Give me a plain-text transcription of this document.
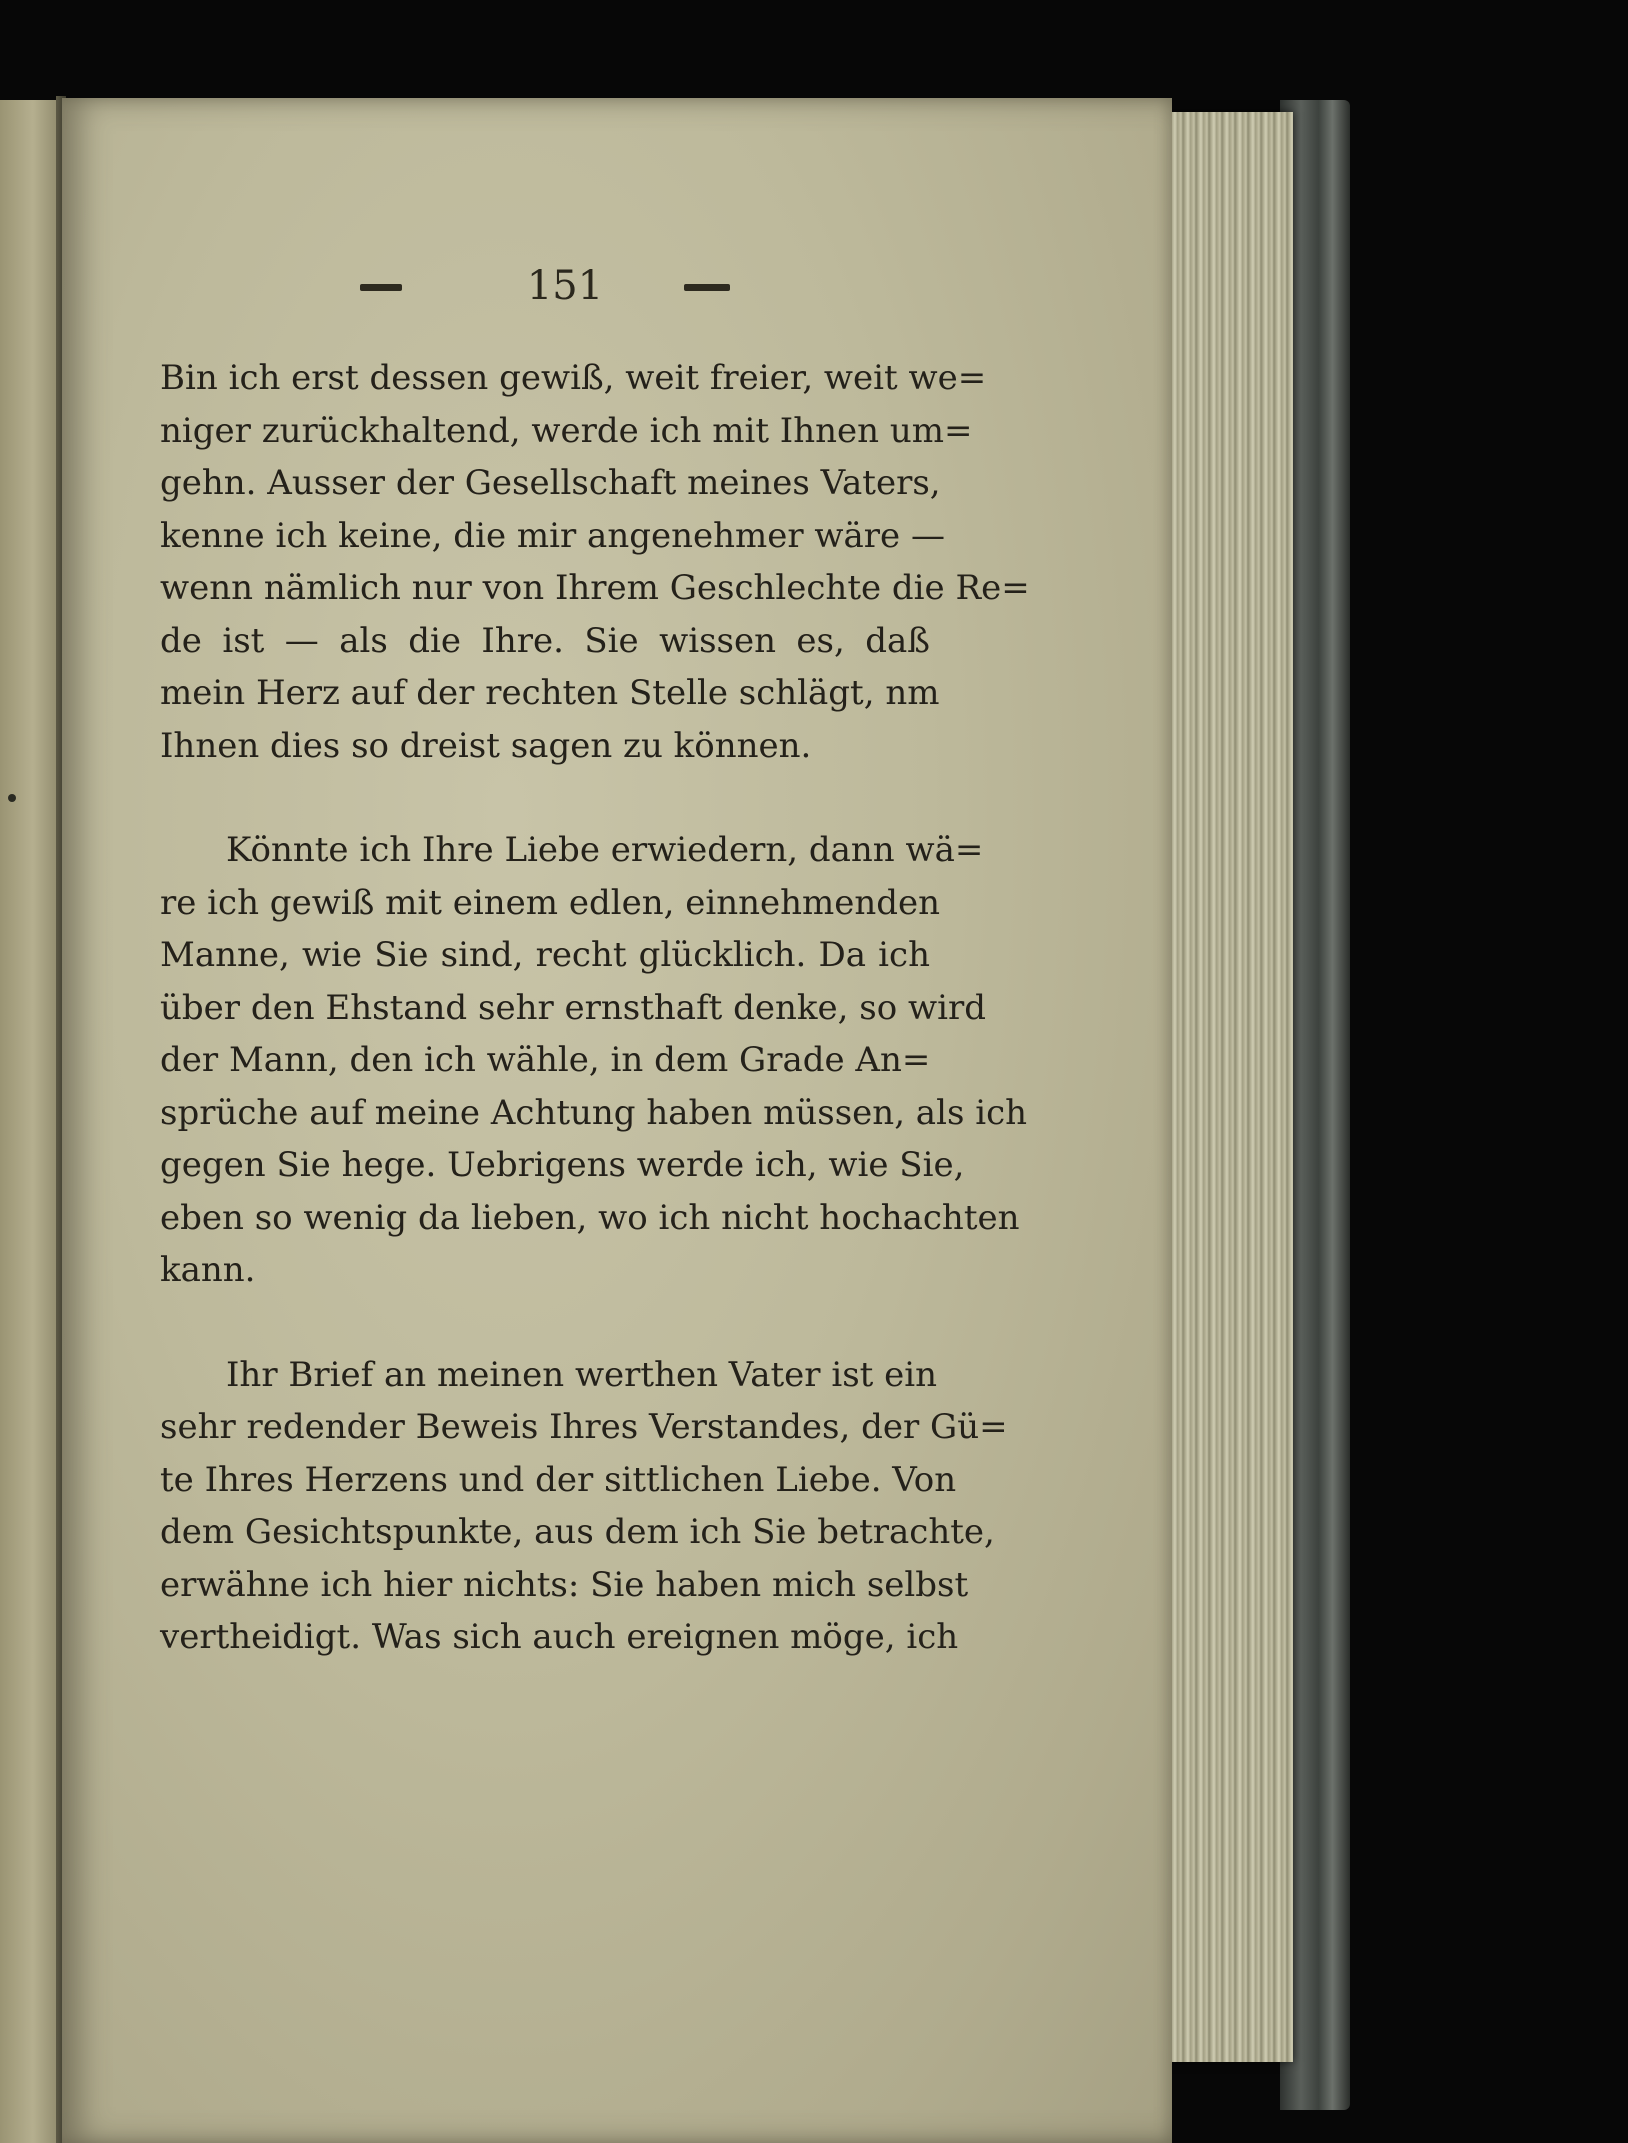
151
Bin ich erst dessen gewiß, weit freier, weit we=
niger zurückhaltend, werde ich mit Ihnen um=
gehn. Ausser der Gesellschaft meines Vaters,
kenne ich keine, die mir angenehmer wäre —
wenn nämlich nur von Ihrem Geschlechte die Re=
de ist — als die Ihre. Sie wissen es, daß
mein Herz auf der rechten Stelle schlägt, nm
Ihnen dies so dreist sagen zu können.
Könnte ich Ihre Liebe erwiedern, dann wä=
re ich gewiß mit einem edlen, einnehmenden
Manne, wie Sie sind, recht glücklich. Da ich
über den Ehstand sehr ernsthaft denke, so wird
der Mann, den ich wähle, in dem Grade An=
sprüche auf meine Achtung haben müssen, als ich
gegen Sie hege. Uebrigens werde ich, wie Sie,
eben so wenig da lieben, wo ich nicht hochachten
kann.
Ihr Brief an meinen werthen Vater ist ein
sehr redender Beweis Ihres Verstandes, der Gü=
te Ihres Herzens und der sittlichen Liebe. Von
dem Gesichtspunkte, aus dem ich Sie betrachte,
erwähne ich hier nichts: Sie haben mich selbst
vertheidigt. Was sich auch ereignen möge, ich
